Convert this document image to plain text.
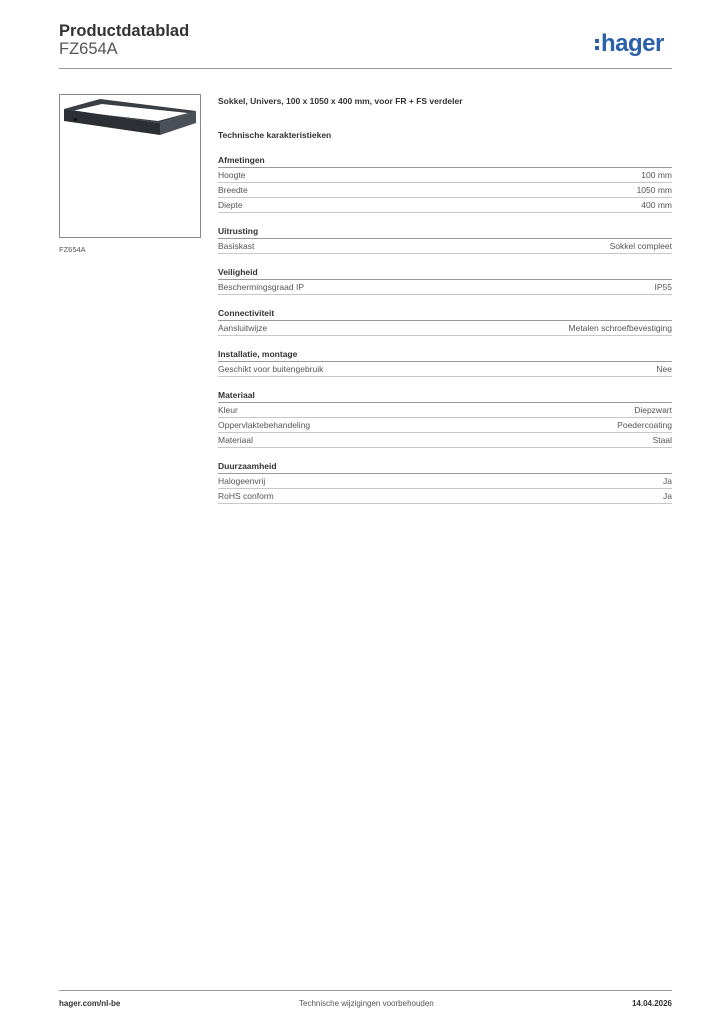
Productdatablad
FZ654A	hager
FZ654A
Sokkel, Univers, 100 x 1050 x 400 mm, voor FR + FS verdeler
Technische karakteristieken
Afmetingen
Hoogte	100 mm
Breedte	1050 mm
Diepte	400 mm
Uitrusting
Basiskast	Sokkel compleet
Veiligheid
Beschermingsgraad IP	IP55
Connectiviteit
Aansluitwijze	Metalen schroefbevestiging
Installatie, montage
Geschikt voor buitengebruik	Nee
Materiaal
Kleur	Diepzwart
Oppervlaktebehandeling	Poedercoating
Materiaal	Staal
Duurzaamheid
Halogeenvrij	Ja
RoHS conform	Ja
hager.com/nl-be	Technische wijzigingen voorbehouden	14.04.2026
